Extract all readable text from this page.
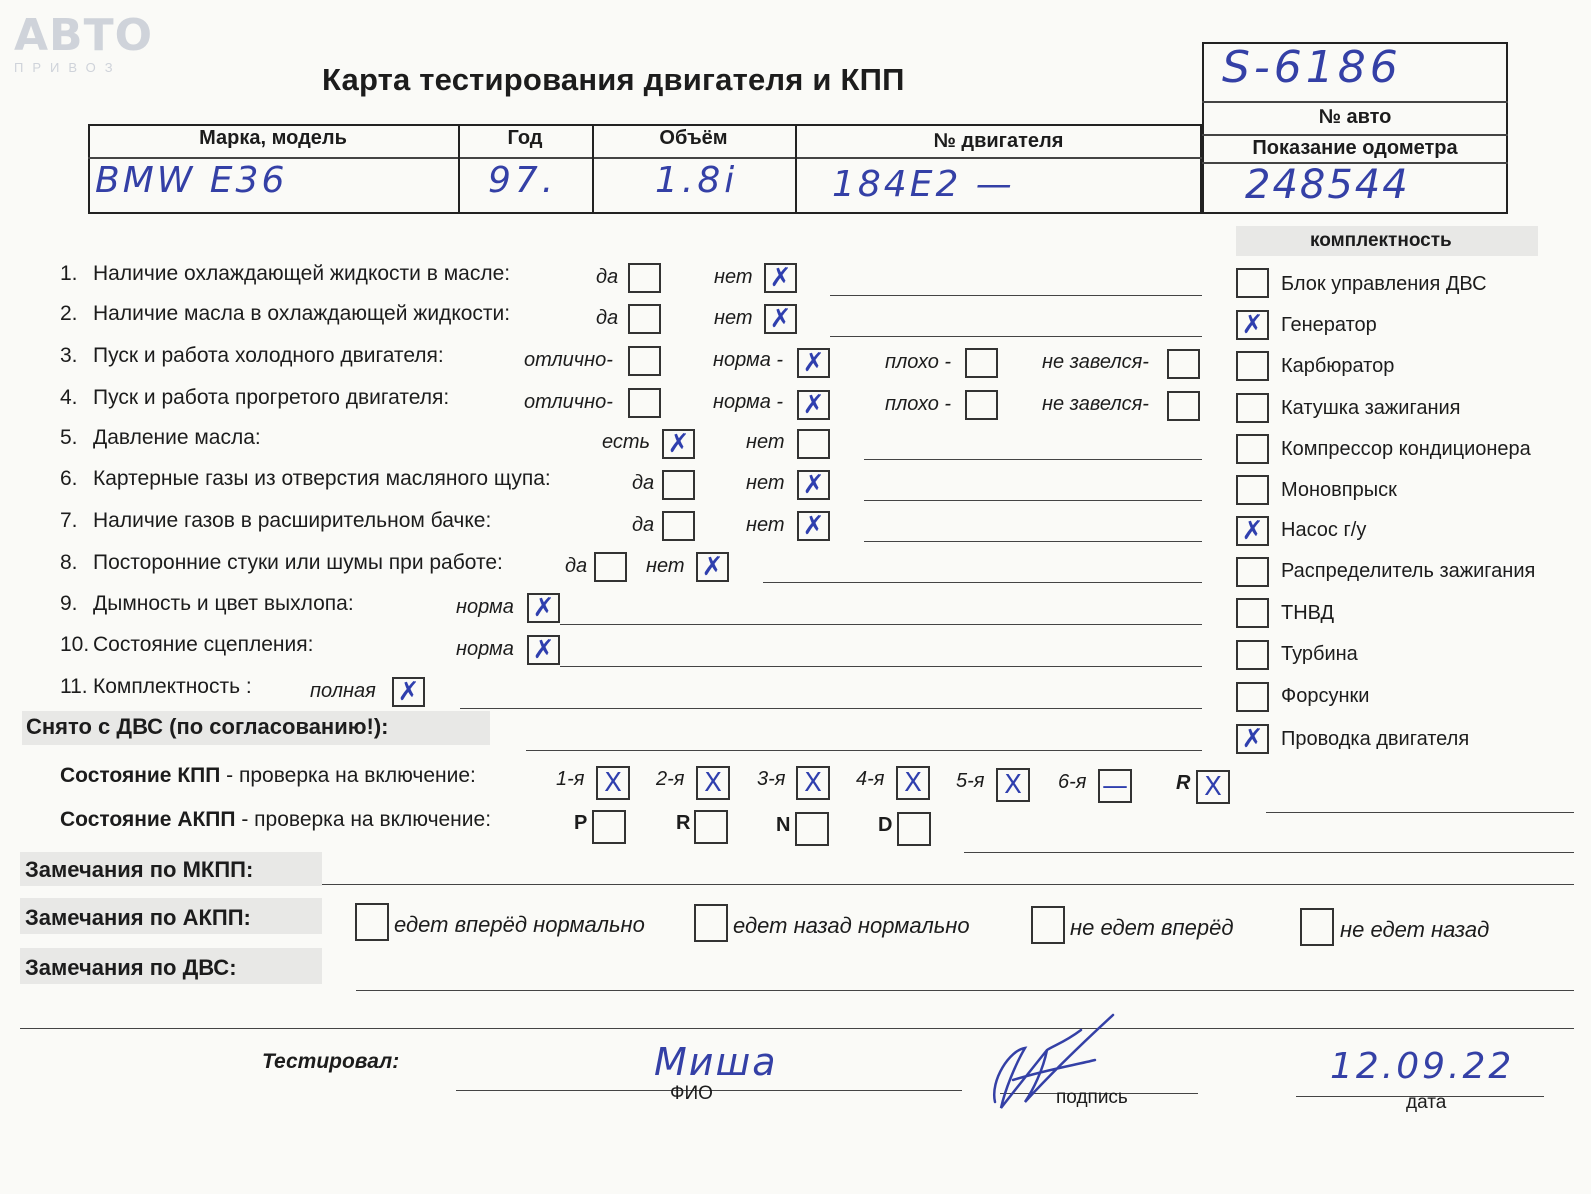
АВТО
ПРИВОЗ	Карта тестирования двигателя и КПП	S-6186
№ авто
Показание одометра
248544
Марка, модель	Год	Объём	№ двигателя
BMW E36	97.	1.8i	184E2 —
комплектность
1. Наличие охлаждающей жидкости в масле:	да	нет ✗
2. Наличие масла в охлаждающей жидкости:	да	нет ✗
3. Пуск и работа холодного двигателя:	отлично-	норма - ✗	плохо -	не завелся-
4. Пуск и работа прогретого двигателя:	отлично-	норма - ✗	плохо -	не завелся-
5. Давление масла:	есть ✗	нет
6. Картерные газы из отверстия масляного щупа:	да	нет ✗
7. Наличие газов в расширительном бачке:	да	нет ✗
8. Посторонние стуки или шумы при работе:	да	нет ✗
9. Дымность и цвет выхлопа:	норма ✗
10. Состояние сцепления:	норма ✗
11. Комплектность :	полная ✗
Блок управления ДВС
✗ Генератор
Карбюратор
Катушка зажигания
Компрессор кондиционера
Моновпрыск
✗ Насос г/у
Распределитель зажигания
ТНВД
Турбина
Форсунки
✗ Проводка двигателя
Снято с ДВС (по согласованию!):
Состояние КПП - проверка на включение:	1-я X	2-я X	3-я X	4-я X	5-я X	6-я — R X
Состояние АКПП - проверка на включение:	P	R	N	D
Замечания по МКПП:
Замечания по АКПП:	едет вперёд нормально	едет назад нормально	не едет вперёд	не едет назад
Замечания по ДВС:
Тестировал:	Миша
ФИО	подпись
12.09.22
дата
